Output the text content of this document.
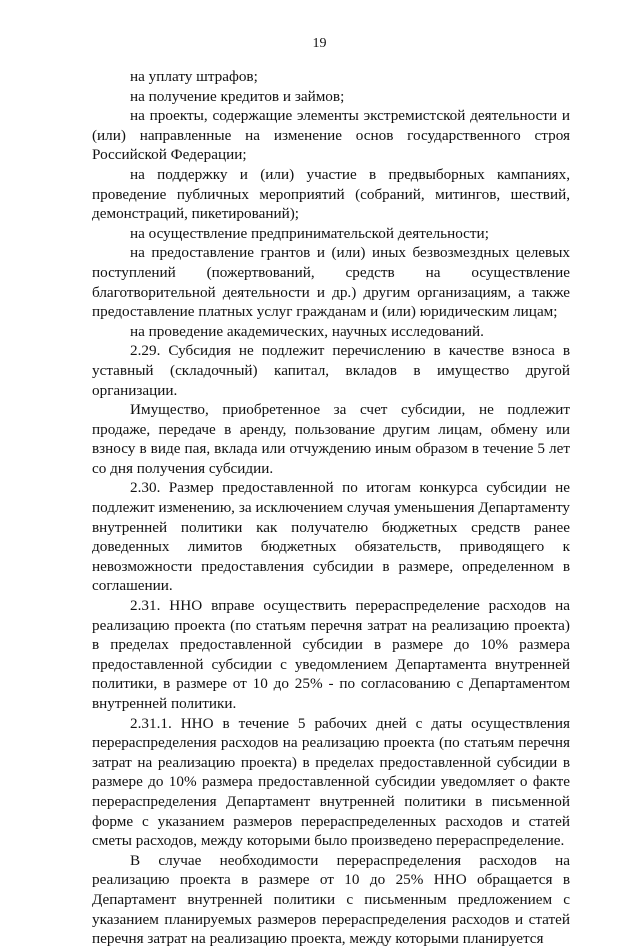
19

на уплату штрафов;

на получение кредитов и займов;

на проекты, содержащие элементы экстремистской деятельности и (или) направленные на изменение основ государственного строя Российской Федерации;

на поддержку и (или) участие в предвыборных кампаниях, проведение публичных мероприятий (собраний, митингов, шествий, демонстраций, пикетирований);

на осуществление предпринимательской деятельности;

на предоставление грантов и (или) иных безвозмездных целевых поступлений (пожертвований, средств на осуществление благотворительной деятельности и др.) другим организациям, а также предоставление платных услуг гражданам и (или) юридическим лицам;

на проведение академических, научных исследований.

2.29. Субсидия не подлежит перечислению в качестве взноса в уставный (складочный) капитал, вкладов в имущество другой организации.

Имущество, приобретенное за счет субсидии, не подлежит продаже, передаче в аренду, пользование другим лицам, обмену или взносу в виде пая, вклада или отчуждению иным образом в течение 5 лет со дня получения субсидии.

2.30. Размер предоставленной по итогам конкурса субсидии не подлежит изменению, за исключением случая уменьшения Департаменту внутренней политики как получателю бюджетных средств ранее доведенных лимитов бюджетных обязательств, приводящего к невозможности предоставления субсидии в размере, определенном в соглашении.

2.31. ННО вправе осуществить перераспределение расходов на реализацию проекта (по статьям перечня затрат на реализацию проекта) в пределах предоставленной субсидии в размере до 10% размера предоставленной субсидии с уведомлением Департамента внутренней политики, в размере от 10 до 25% - по согласованию с Департаментом внутренней политики.

2.31.1. ННО в течение 5 рабочих дней с даты осуществления перераспределения расходов на реализацию проекта (по статьям перечня затрат на реализацию проекта) в пределах предоставленной субсидии в размере до 10% размера предоставленной субсидии уведомляет о факте перераспределения Департамент внутренней политики в письменной форме с указанием размеров перераспределенных расходов и статей сметы расходов, между которыми было произведено перераспределение.

В случае необходимости перераспределения расходов на реализацию проекта в размере от 10 до 25% ННО обращается в Департамент внутренней политики с письменным предложением с указанием планируемых размеров перераспределения расходов и статей перечня затрат на реализацию проекта, между которыми планируется
